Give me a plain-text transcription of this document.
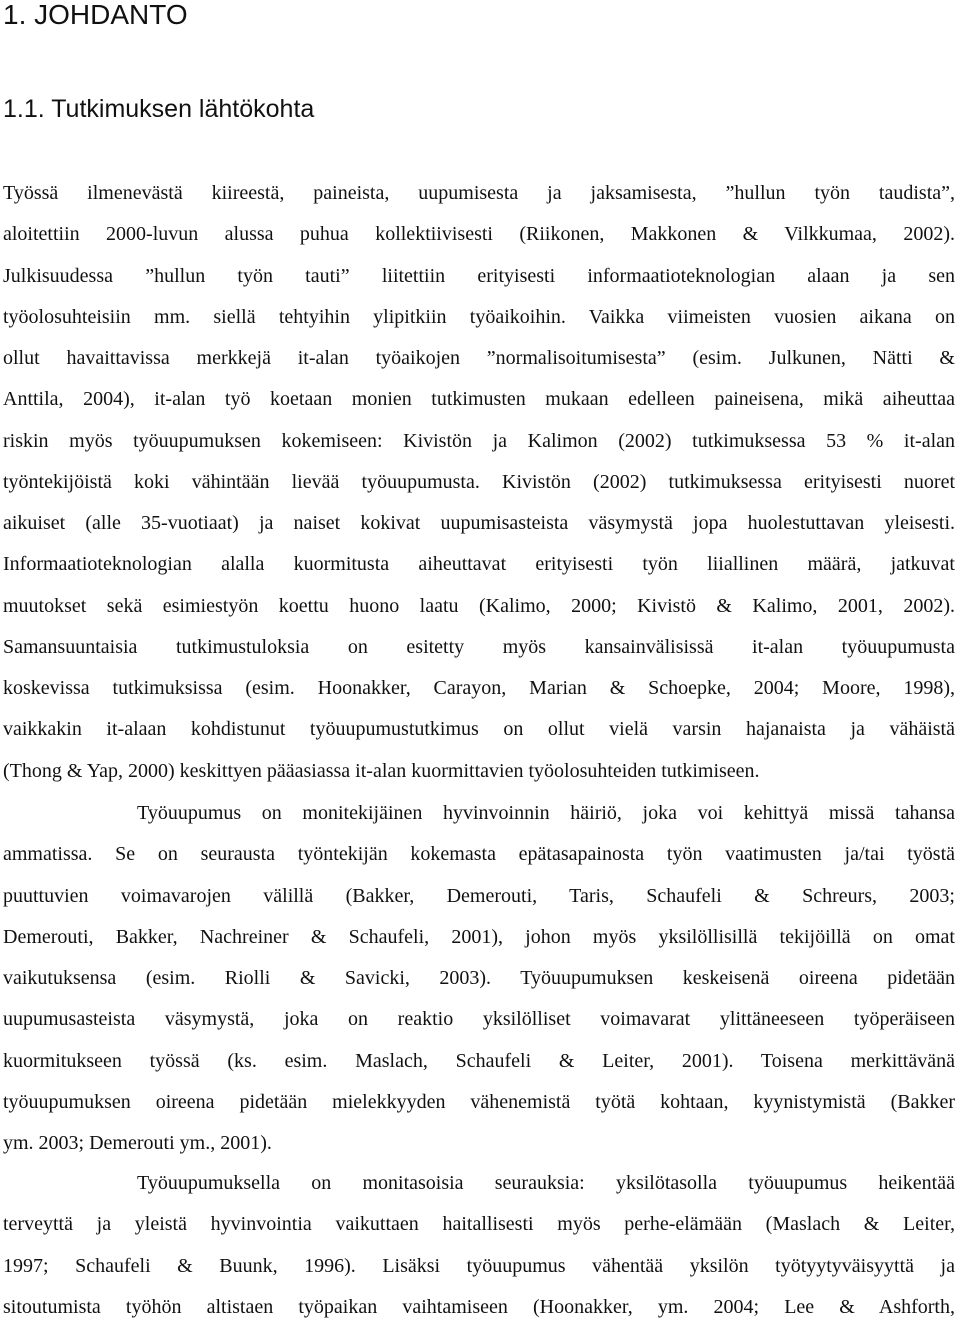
1. JOHDANTO
1.1. Tutkimuksen lähtökohta
Työssä ilmenevästä kiireestä, paineista, uupumisesta ja jaksamisesta, ”hullun työn taudista”,
aloitettiin 2000-luvun alussa puhua kollektiivisesti (Riikonen, Makkonen & Vilkkumaa, 2002).
Julkisuudessa ”hullun työn tauti” liitettiin erityisesti informaatioteknologian alaan ja sen
työolosuhteisiin mm. siellä tehtyihin ylipitkiin työaikoihin. Vaikka viimeisten vuosien aikana on
ollut havaittavissa merkkejä it-alan työaikojen ”normalisoitumisesta” (esim. Julkunen, Nätti &
Anttila, 2004), it-alan työ koetaan monien tutkimusten mukaan edelleen paineisena, mikä aiheuttaa
riskin myös työuupumuksen kokemiseen: Kivistön ja Kalimon (2002) tutkimuksessa 53 % it-alan
työntekijöistä koki vähintään lievää työuupumusta. Kivistön (2002) tutkimuksessa erityisesti nuoret
aikuiset (alle 35-vuotiaat) ja naiset kokivat uupumisasteista väsymystä jopa huolestuttavan yleisesti.
Informaatioteknologian alalla kuormitusta aiheuttavat erityisesti työn liiallinen määrä, jatkuvat
muutokset sekä esimiestyön koettu huono laatu (Kalimo, 2000; Kivistö & Kalimo, 2001, 2002).
Samansuuntaisia tutkimustuloksia on esitetty myös kansainvälisissä it-alan työuupumusta
koskevissa tutkimuksissa (esim. Hoonakker, Carayon, Marian & Schoepke, 2004; Moore, 1998),
vaikkakin it-alaan kohdistunut työuupumustutkimus on ollut vielä varsin hajanaista ja vähäistä
(Thong & Yap, 2000) keskittyen pääasiassa it-alan kuormittavien työolosuhteiden tutkimiseen.
Työuupumus on monitekijäinen hyvinvoinnin häiriö, joka voi kehittyä missä tahansa
ammatissa. Se on seurausta työntekijän kokemasta epätasapainosta työn vaatimusten ja/tai työstä
puuttuvien voimavarojen välillä (Bakker, Demerouti, Taris, Schaufeli & Schreurs, 2003;
Demerouti, Bakker, Nachreiner & Schaufeli, 2001), johon myös yksilöllisillä tekijöillä on omat
vaikutuksensa (esim. Riolli & Savicki, 2003). Työuupumuksen keskeisenä oireena pidetään
uupumusasteista väsymystä, joka on reaktio yksilölliset voimavarat ylittäneeseen työperäiseen
kuormitukseen työssä (ks. esim. Maslach, Schaufeli & Leiter, 2001). Toisena merkittävänä
työuupumuksen oireena pidetään mielekkyyden vähenemistä työtä kohtaan, kyynistymistä (Bakker
ym. 2003; Demerouti ym., 2001).
Työuupumuksella on monitasoisia seurauksia: yksilötasolla työuupumus heikentää
terveyttä ja yleistä hyvinvointia vaikuttaen haitallisesti myös perhe-elämään (Maslach & Leiter,
1997; Schaufeli & Buunk, 1996). Lisäksi työuupumus vähentää yksilön työtyytyväisyyttä ja
sitoutumista työhön altistaen työpaikan vaihtamiseen (Hoonakker, ym. 2004; Lee & Ashforth,
